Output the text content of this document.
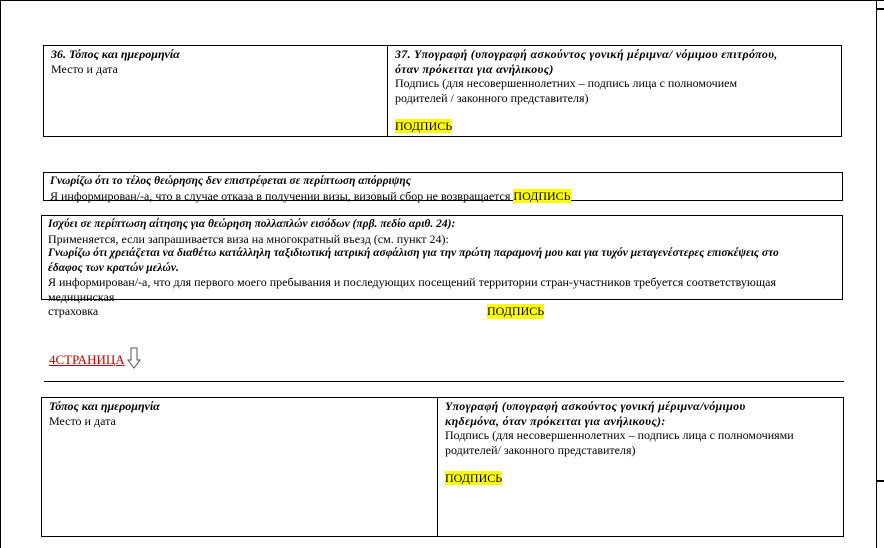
36. Τόπος και ημερομηνία
Место и дата

37. Υπογραφή (υπογραφή ασκούντος γονική μέριμνα/ νόμιμου επιτρόπου,
όταν πρόκειται για ανήλικους)
Подпись (для несовершеннолетних – подпись лица с полномочием
родителей / законного представителя)
ПОДПИСЬ
Γνωρίζω ότι το τέλος θεώρησης δεν επιστρέφεται σε περίπτωση απόρριψης
Я информирован/-а, что в случае отказа в получении визы, визовый сбор не возвращается ПОДПИСЬ
Ισχύει σε περίπτωση αίτησης για θεώρηση πολλαπλών εισόδων (πρβ. πεδίο αριθ. 24):
Применяется, если запрашивается виза на многократный въезд (см. пункт 24):
Γνωρίζω ότι χρειάζεται να διαθέτω κατάλληλη ταξιδιωτική ιατρική ασφάλιση για την πρώτη παραμονή μου και για τυχόν μεταγενέστερες επισκέψεις στο
έδαφος των κρατών μελών.
Я информирован/-а, что для первого моего пребывания и последующих посещений территории стран-участников требуется соответствующая медицинская
страховка	ПОДПИСЬ
4СТРАНИЦА
Τόπος και ημερομηνία
Место и дата

Υπογραφή (υπογραφή ασκούντος γονική μέριμνα/νόμιμου
κηδεμόνα, όταν πρόκειται για ανήλικους):
Подпись (для несовершеннолетних – подпись лица с полномочиями
родителей/ законного представителя)
ПОДПИСЬ
